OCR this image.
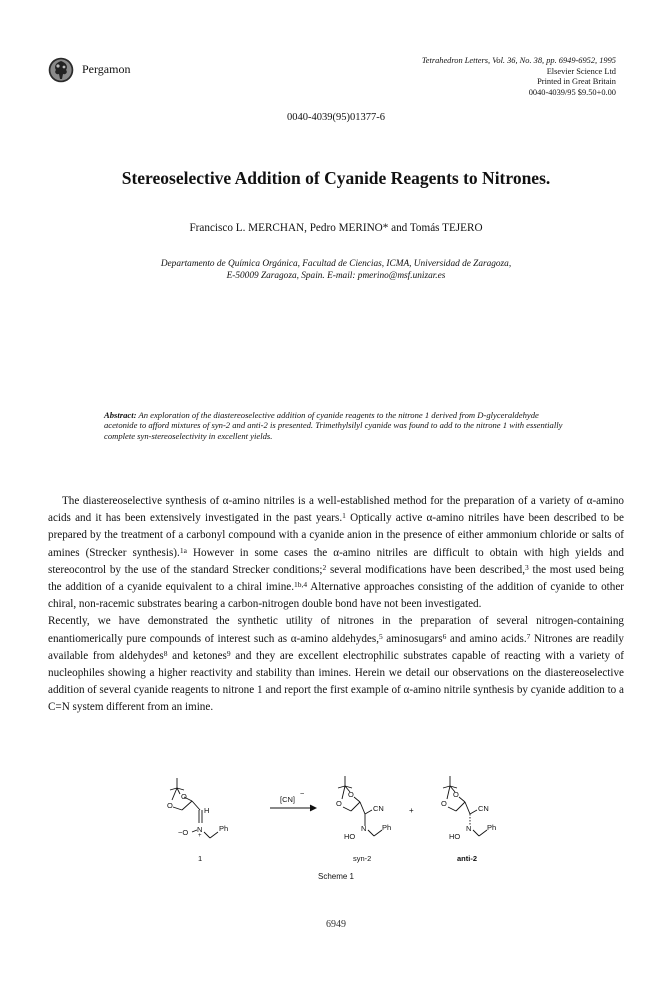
Pergamon
Tetrahedron Letters, Vol. 36, No. 38, pp. 6949-6952, 1995
Elsevier Science Ltd
Printed in Great Britain
0040-4039/95 $9.50+0.00
0040-4039(95)01377-6
Stereoselective Addition of Cyanide Reagents to Nitrones.
Francisco L. MERCHAN, Pedro MERINO* and Tomás TEJERO
Departamento de Química Orgánica, Facultad de Ciencias, ICMA, Universidad de Zaragoza,
E-50009 Zaragoza, Spain. E-mail: pmerino@msf.unizar.es
Abstract: An exploration of the diastereoselective addition of cyanide reagents to the nitrone 1 derived from D-glyceraldehyde acetonide to afford mixtures of syn-2 and anti-2 is presented. Trimethylsilyl cyanide was found to add to the nitrone 1 with essentially complete syn-stereoselectivity in excellent yields.

The diastereoselective synthesis of α-amino nitriles is a well-established method for the preparation of a variety of α-amino acids and it has been extensively investigated in the past years.$^1$ Optically active α-amino nitriles have been described to be prepared by the treatment of a carbonyl compound with a cyanide anion in the presence of either ammonium chloride or salts of amines (Strecker synthesis).$^{1a}$ However in some cases the α-amino nitriles are difficult to obtain with high yields and stereocontrol by the use of the standard Strecker conditions;$^2$ several modifications have been described,$^3$ the most used being the addition of a cyanide equivalent to a chiral imine.$^{1b,4}$ Alternative approaches consisting of the addition of cyanide to other chiral, non-racemic substrates bearing a carbon-nitrogen double bond have not been investigated.

Recently, we have demonstrated the synthetic utility of nitrones in the preparation of several nitrogen-containing enantiomerically pure compounds of interest such as α-amino aldehydes,$^5$ aminosugars$^6$ and amino acids.$^7$ Nitrones are readily available from aldehydes$^8$ and ketones$^9$ and they are excellent electrophilic substrates capable of reacting with a variety of nucleophiles showing a higher reactivity and stability than imines. Herein we detail our observations on the diastereoselective addition of several cyanide reagents to nitrone 1 and report the first example of α-amino nitrile synthesis by cyanide addition to a C=N system different from an imine.

O
O
H
N
−O +
Ph
1
[CN]
−	O
O
CN
N
HO
Ph
syn-2
+
O
O
CN
N
HO
Ph
anti-2
Scheme 1
6949
